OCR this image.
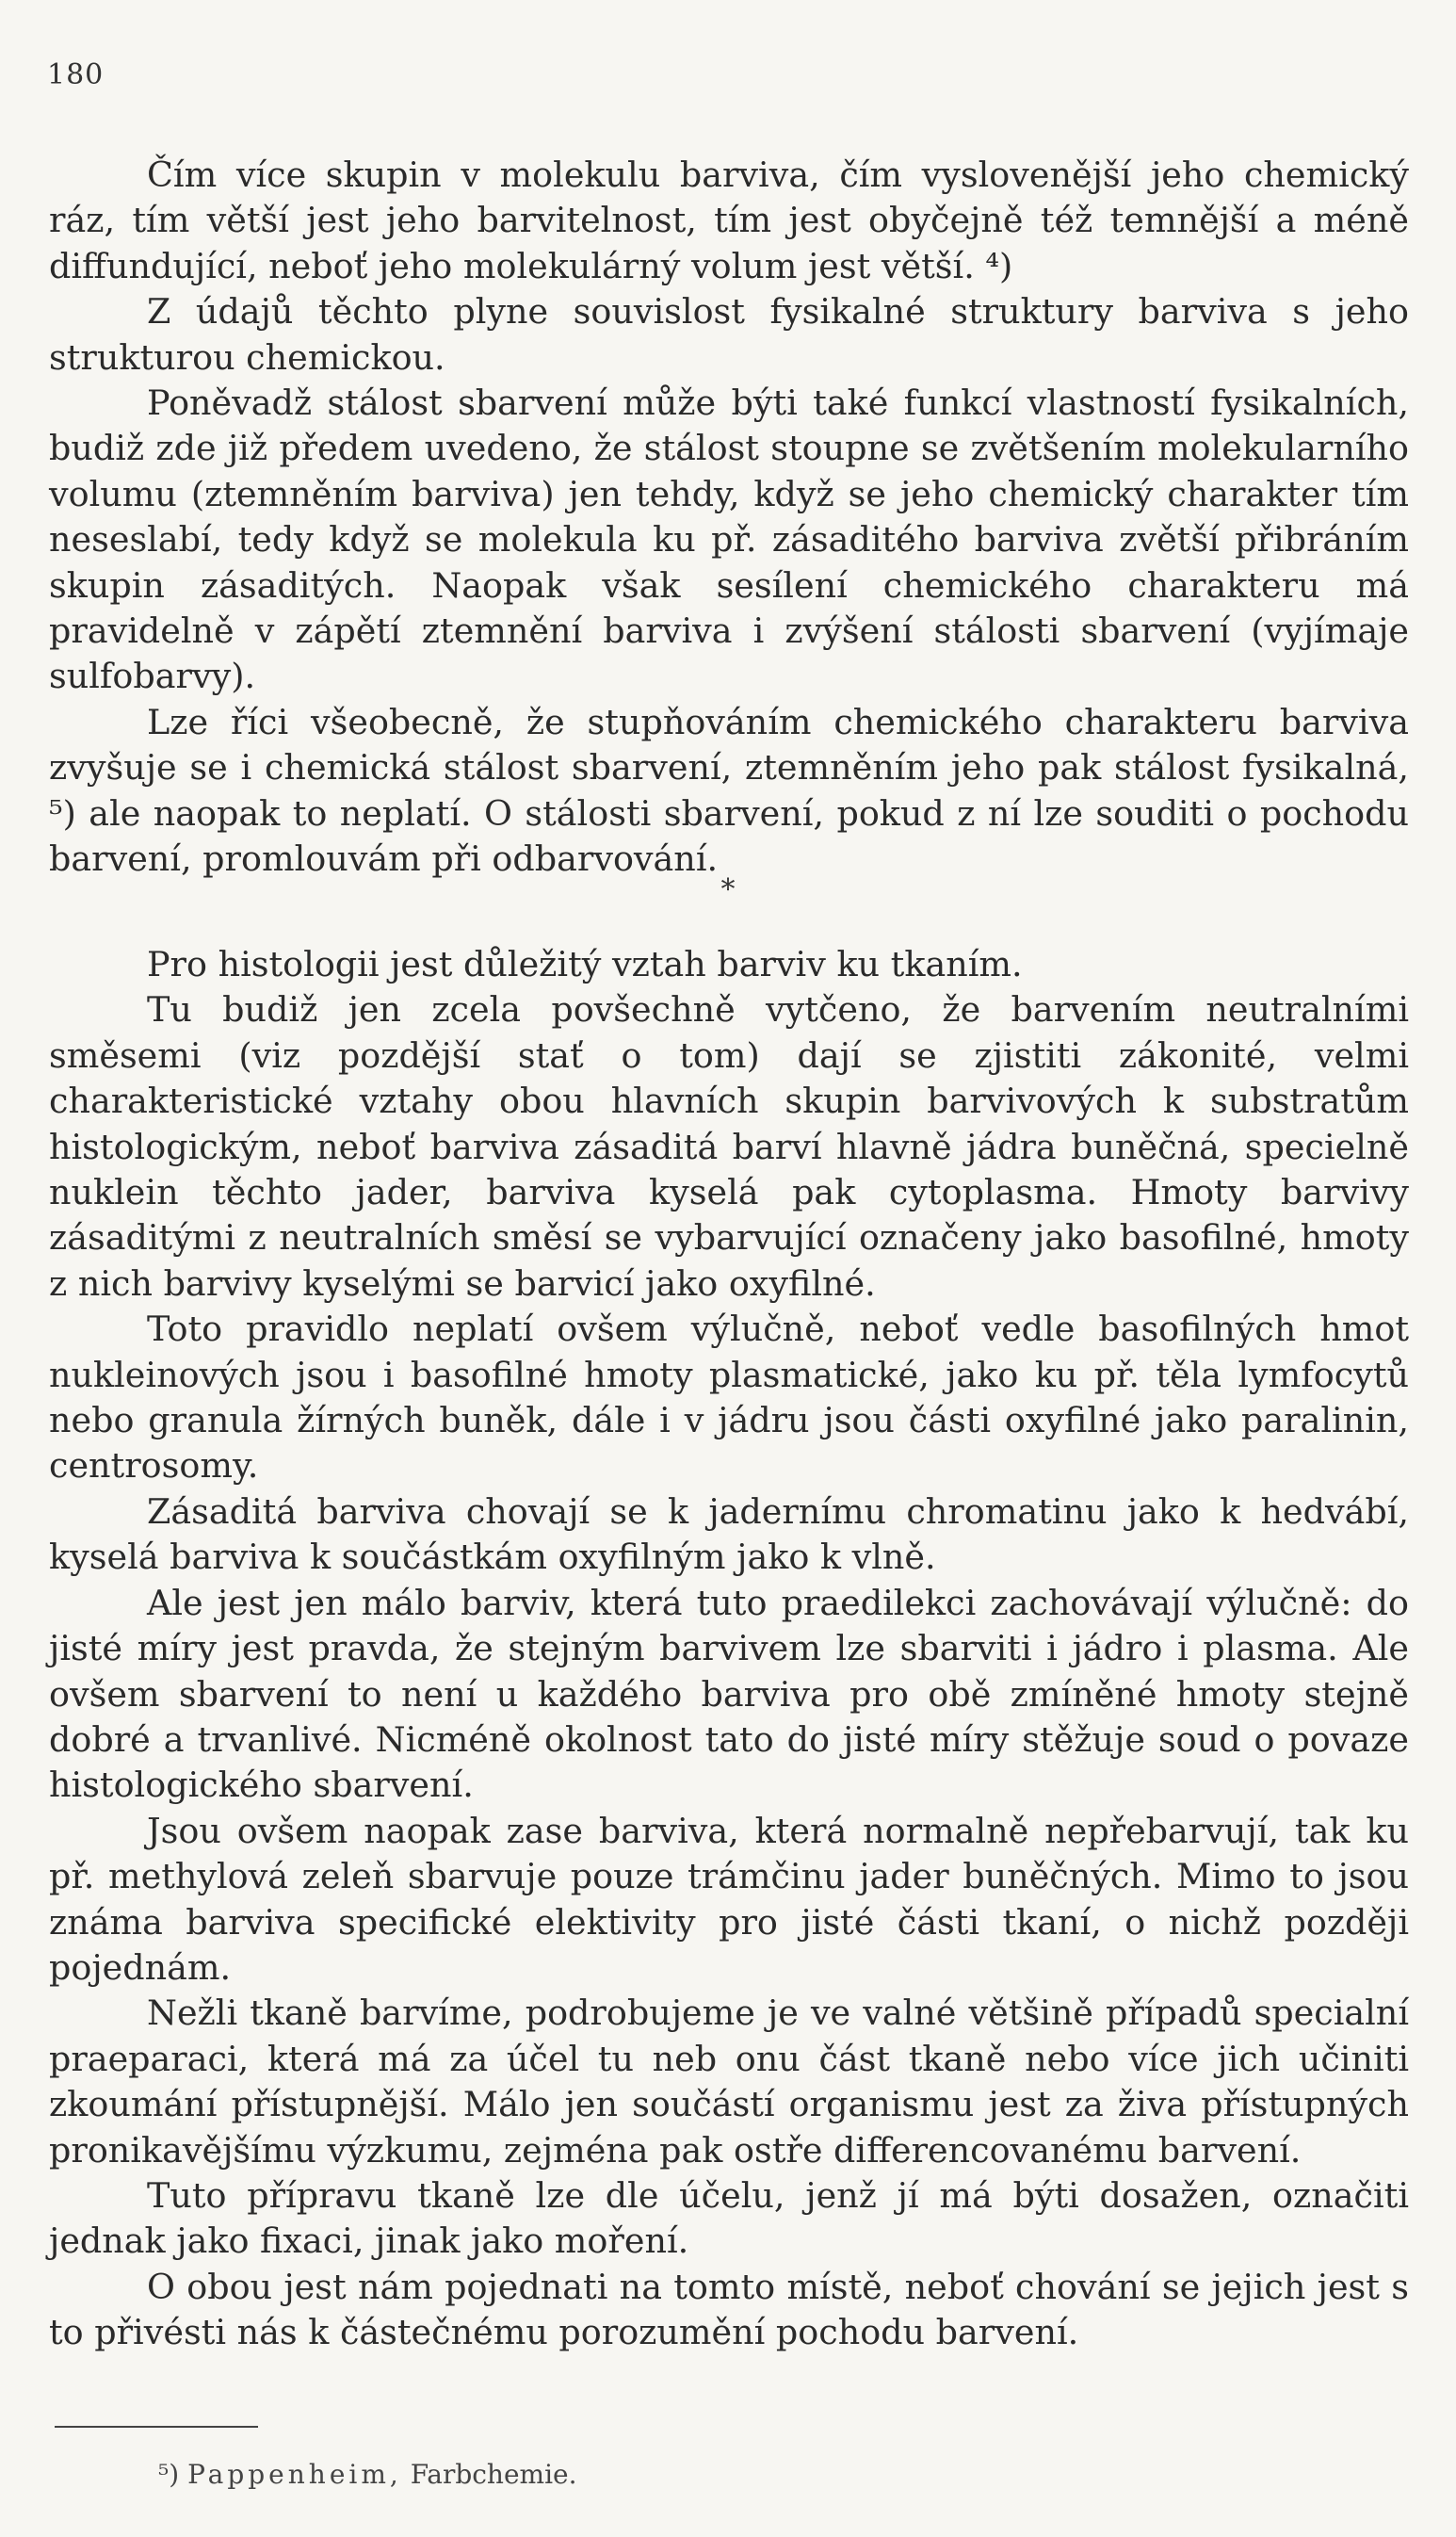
180

Čím více skupin v molekulu barviva, čím vyslovenější jeho chemický ráz, tím větší jest jeho barvitelnost, tím jest obyčejně též temnější a méně diffundující, neboť jeho molekulárný volum jest větší. ⁴)

Z údajů těchto plyne souvislost fysikalné struktury barviva s jeho strukturou chemickou.

Poněvadž stálost sbarvení může býti také funkcí vlastností fysikalních, budiž zde již předem uvedeno, že stálost stoupne se zvětšením molekularního volumu (ztemněním barviva) jen tehdy, když se jeho chemický charakter tím neseslabí, tedy když se molekula ku př. zásaditého barviva zvětší přibráním skupin zásaditých. Naopak však sesílení chemického charakteru má pravidelně v zápětí ztemnění barviva i zvýšení stálosti sbarvení (vyjímaje sulfobarvy).

Lze říci všeobecně, že stupňováním chemického charakteru barviva zvyšuje se i chemická stálost sbarvení, ztemněním jeho pak stálost fysikalná, ⁵) ale naopak to neplatí. O stálosti sbarvení, pokud z ní lze souditi o pochodu barvení, promlouvám při odbarvování.

*

Pro histologii jest důležitý vztah barviv ku tkaním.

Tu budiž jen zcela povšechně vytčeno, že barvením neutralními směsemi (viz pozdější stať o tom) dají se zjistiti zákonité, velmi charakteristické vztahy obou hlavních skupin barvivových k substratům histologickým, neboť barviva zásaditá barví hlavně jádra buněčná, specielně nuklein těchto jader, barviva kyselá pak cytoplasma. Hmoty barvivy zásaditými z neutralních směsí se vybarvující označeny jako basofilné, hmoty z nich barvivy kyselými se barvicí jako oxyfilné.

Toto pravidlo neplatí ovšem výlučně, neboť vedle basofilných hmot nukleinových jsou i basofilné hmoty plasmatické, jako ku př. těla lymfocytů nebo granula žírných buněk, dále i v jádru jsou části oxyfilné jako paralinin, centrosomy.

Zásaditá barviva chovají se k jadernímu chromatinu jako k hedvábí, kyselá barviva k součástkám oxyfilným jako k vlně.

Ale jest jen málo barviv, která tuto praedilekci zachovávají výlučně: do jisté míry jest pravda, že stejným barvivem lze sbarviti i jádro i plasma. Ale ovšem sbarvení to není u každého barviva pro obě zmíněné hmoty stejně dobré a trvanlivé. Nicméně okolnost tato do jisté míry stěžuje soud o povaze histologického sbarvení.

Jsou ovšem naopak zase barviva, která normalně nepřebarvují, tak ku př. methylová zeleň sbarvuje pouze trámčinu jader buněčných. Mimo to jsou známa barviva specifické elektivity pro jisté části tkaní, o nichž později pojednám.

Nežli tkaně barvíme, podrobujeme je ve valné většině případů specialní praeparaci, která má za účel tu neb onu část tkaně nebo více jich učiniti zkoumání přístupnější. Málo jen součástí organismu jest za živa přístupných pronikavějšímu výzkumu, zejména pak ostře differencovanému barvení.

Tuto přípravu tkaně lze dle účelu, jenž jí má býti dosažen, označiti jednak jako fixaci, jinak jako moření.

O obou jest nám pojednati na tomto místě, neboť chování se jejich jest s to přivésti nás k částečnému porozumění pochodu barvení.

⁵) Pappenheim, Farbchemie.
